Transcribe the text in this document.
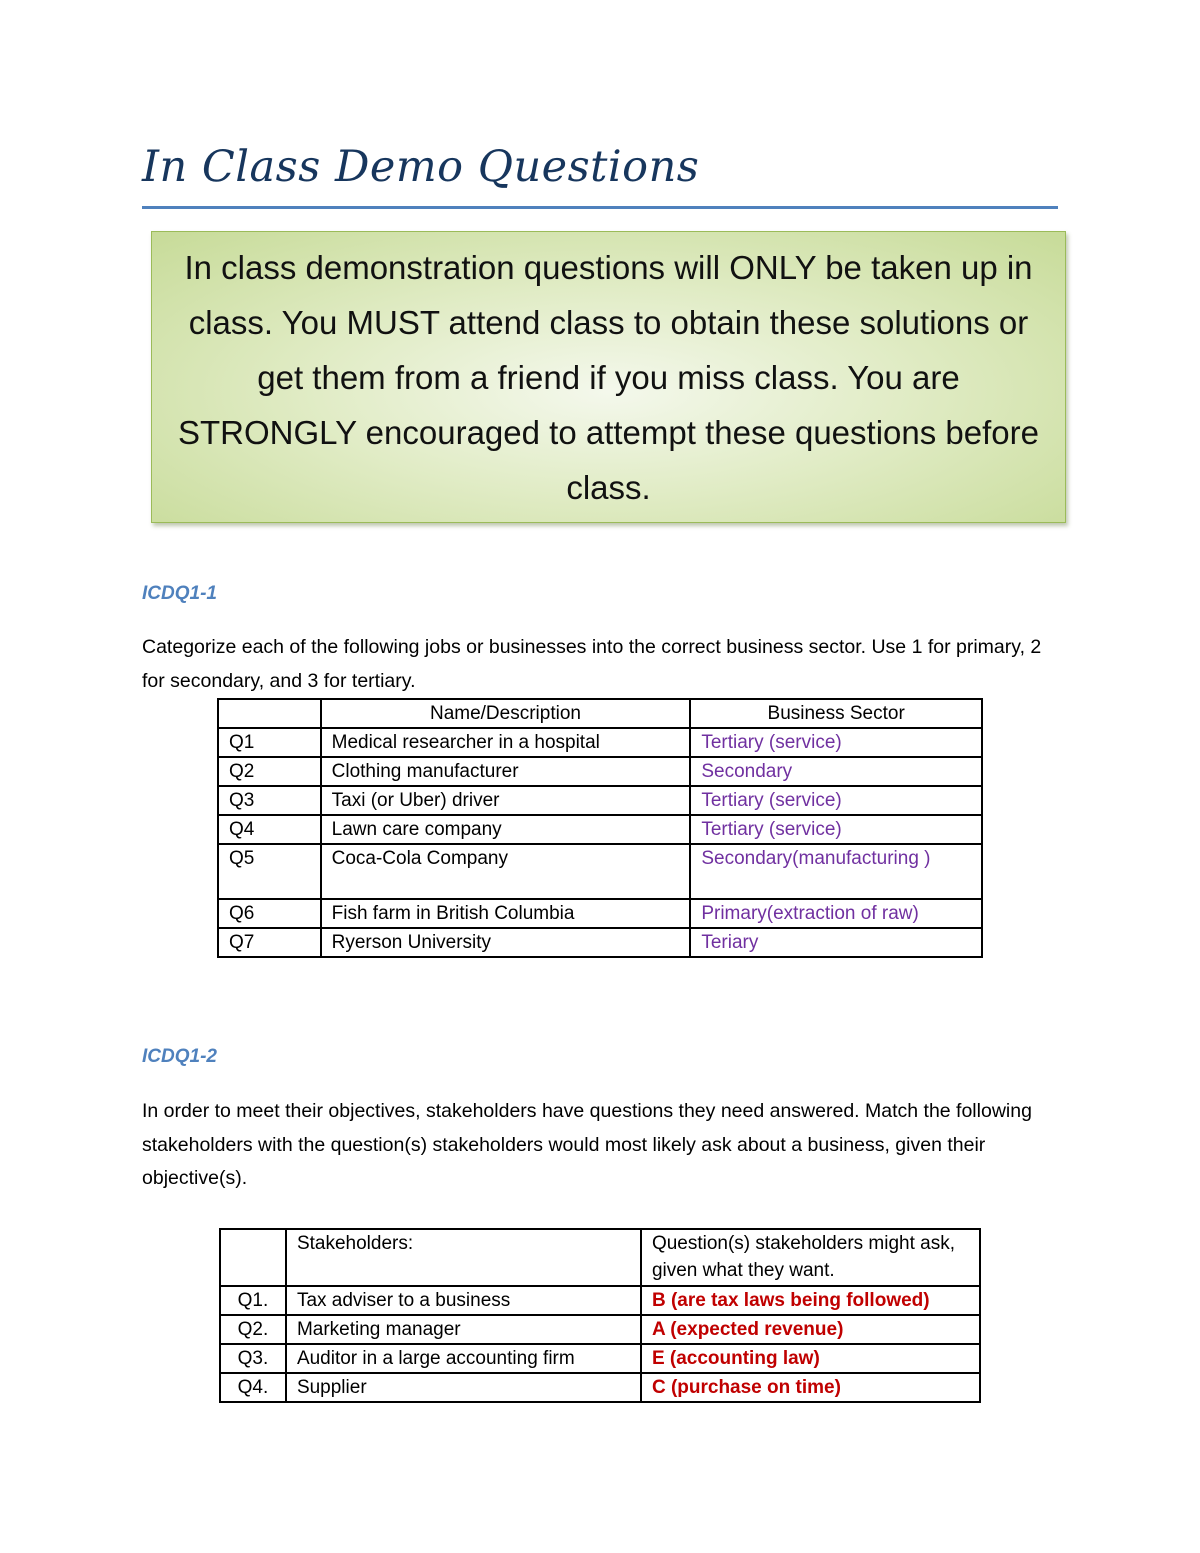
In Class Demo Questions
In class demonstration questions will ONLY be taken up in class. You MUST attend class to obtain these solutions or get them from a friend if you miss class. You are STRONGLY encouraged to attempt these questions before class.
ICDQ1-1
Categorize each of the following jobs or businesses into the correct business sector. Use 1 for primary, 2 for secondary, and 3 for tertiary.
	Name/Description	Business Sector
Q1	Medical researcher in a hospital	Tertiary (service)
Q2	Clothing manufacturer	Secondary
Q3	Taxi (or Uber) driver	Tertiary (service)
Q4	Lawn care company	Tertiary (service)
Q5	Coca-Cola Company	Secondary(manufacturing )
Q6	Fish farm in British Columbia	Primary(extraction of raw)
Q7	Ryerson University	Teriary
ICDQ1-2
In order to meet their objectives, stakeholders have questions they need answered. Match the following stakeholders with the question(s) stakeholders would most likely ask about a business, given their objective(s).
	Stakeholders:	Question(s) stakeholders might ask, given what they want.
Q1.	Tax adviser to a business	B (are tax laws being followed)
Q2.	Marketing manager	A (expected revenue)
Q3.	Auditor in a large accounting firm	E (accounting law)
Q4.	Supplier	C (purchase on time)
